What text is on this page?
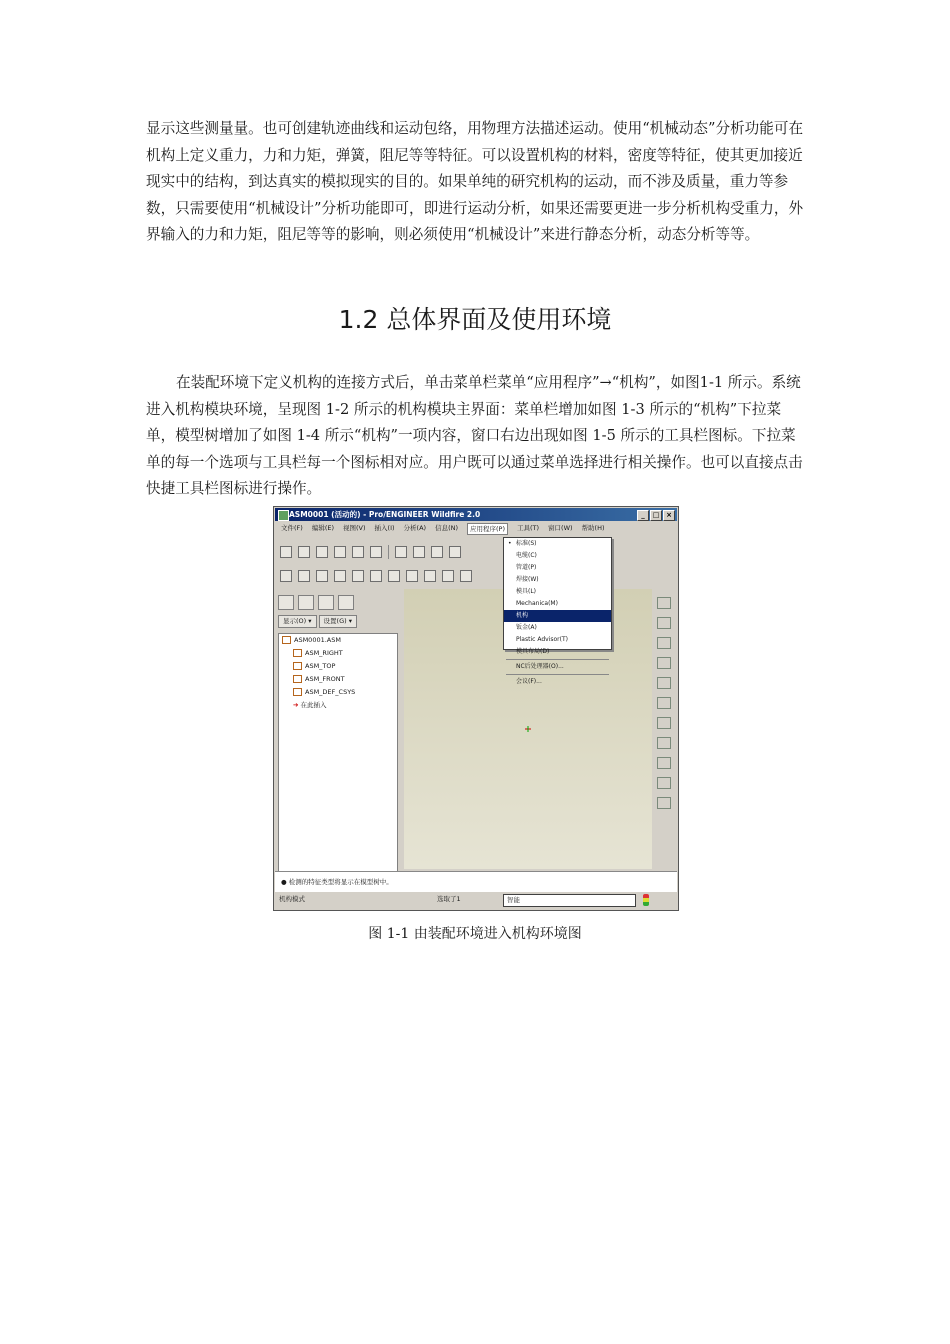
显示这些测量量。也可创建轨迹曲线和运动包络，用物理方法描述运动。使用“机械动态”分析功能可在机构上定义重力，力和力矩，弹簧，阻尼等等特征。可以设置机构的材料，密度等特征，使其更加接近现实中的结构，到达真实的模拟现实的目的。如果单纯的研究机构的运动，而不涉及质量，重力等参数，只需要使用“机械设计”分析功能即可，即进行运动分析，如果还需要更进一步分析机构受重力，外界输入的力和力矩，阻尼等等的影响，则必须使用“机械设计”来进行静态分析，动态分析等等。

1.2 总体界面及使用环境

在装配环境下定义机构的连接方式后，单击菜单栏菜单“应用程序”→“机构”，如图1-1 所示。系统进入机构模块环境，呈现图 1-2 所示的机构模块主界面：菜单栏增加如图 1-3 所示的“机构”下拉菜单，模型树增加了如图 1-4 所示“机构”一项内容，窗口右边出现如图 1-5 所示的工具栏图标。下拉菜单的每一个选项与工具栏每一个图标相对应。用户既可以通过菜单选择进行相关操作。也可以直接点击快捷工具栏图标进行操作。

ASM0001 (活动的) - Pro/ENGINEER Wildfire 2.0	_	□ ×
文件(F) 编辑(E) 视图(V) 插入(I) 分析(A) 信息(N)	应用程序(P)	工具(T) 窗口(W) 帮助(H)
显示(O) ▾	设置(G) ▾
ASM0001.ASM
ASM_RIGHT
ASM_TOP
ASM_FRONT
ASM_DEF_CSYS
➔ 在此插入
• 标准(S)
电缆(C)
管道(P)
焊接(W)
模具(L)
Mechanica(M)
机构
钣金(A)
Plastic Advisor(T)
模具布局(D)
NC后处理器(O)...
会议(F)...
● 检测的特征类型将显示在模型树中。
机构模式	选取了1	智能
图 1-1 由装配环境进入机构环境图
